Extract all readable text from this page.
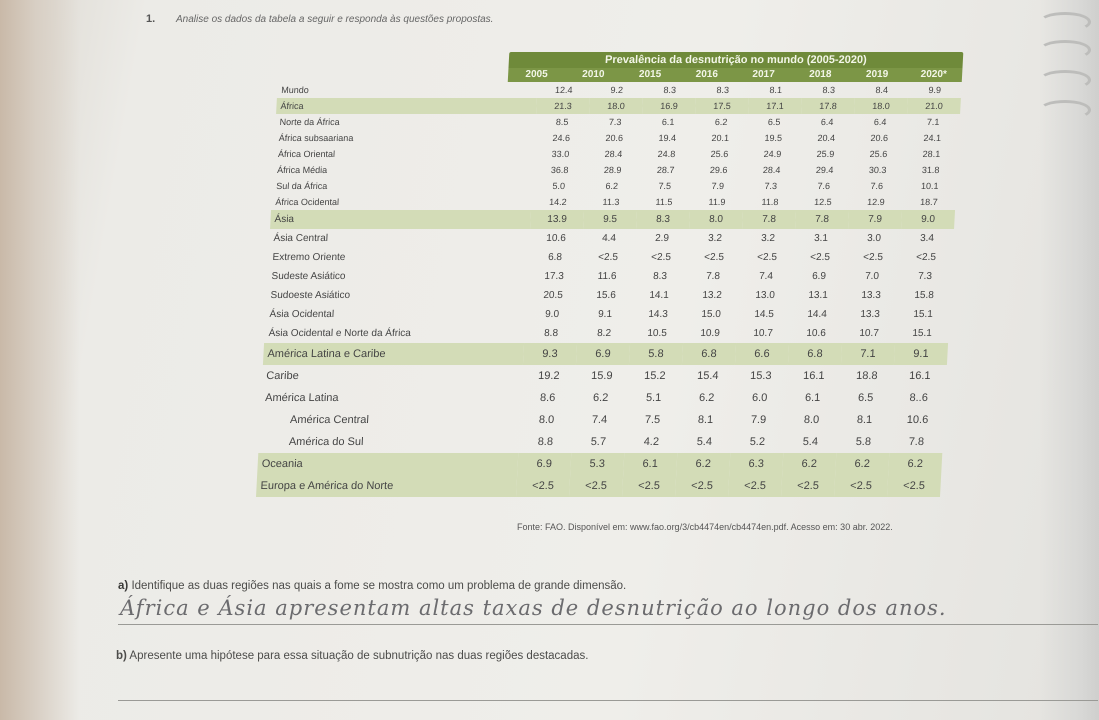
1. Analise os dados da tabela a seguir e responda às questões propostas.
Prevalência da desnutrição no mundo (2005-2020)
2005	2010	2015	2016	2017	2018	2019	2020*
Mundo	12.4	9.2	8.3	8.3	8.1	8.3	8.4	9.9
África	21.3	18.0	16.9	17.5	17.1	17.8	18.0	21.0
Norte da África	8.5	7.3	6.1	6.2	6.5	6.4	6.4	7.1
África subsaariana	24.6	20.6	19.4	20.1	19.5	20.4	20.6	24.1
África Oriental	33.0	28.4	24.8	25.6	24.9	25.9	25.6	28.1
África Média	36.8	28.9	28.7	29.6	28.4	29.4	30.3	31.8
Sul da África	5.0	6.2	7.5	7.9	7.3	7.6	7.6	10.1
África Ocidental	14.2	11.3	11.5	11.9	11.8	12.5	12.9	18.7
Ásia	13.9	9.5	8.3	8.0	7.8	7.8	7.9	9.0
Ásia Central	10.6	4.4	2.9	3.2	3.2	3.1	3.0	3.4
Extremo Oriente	6.8	<2.5	<2.5	<2.5	<2.5	<2.5	<2.5	<2.5
Sudeste Asiático	17.3	11.6	8.3	7.8	7.4	6.9	7.0	7.3
Sudoeste Asiático	20.5	15.6	14.1	13.2	13.0	13.1	13.3	15.8
Ásia Ocidental	9.0	9.1	14.3	15.0	14.5	14.4	13.3	15.1
Ásia Ocidental e Norte da África	8.8	8.2	10.5	10.9	10.7	10.6	10.7	15.1
América Latina e Caribe	9.3	6.9	5.8	6.8	6.6	6.8	7.1	9.1
Caribe	19.2	15.9	15.2	15.4	15.3	16.1	18.8	16.1
América Latina	8.6	6.2	5.1	6.2	6.0	6.1	6.5	8..6
América Central	8.0	7.4	7.5	8.1	7.9	8.0	8.1	10.6
América do Sul	8.8	5.7	4.2	5.4	5.2	5.4	5.8	7.8
Oceania	6.9	5.3	6.1	6.2	6.3	6.2	6.2	6.2
Europa e América do Norte	<2.5	<2.5	<2.5	<2.5	<2.5	<2.5	<2.5	<2.5
Fonte: FAO. Disponível em: www.fao.org/3/cb4474en/cb4474en.pdf. Acesso em: 30 abr. 2022.
a) Identifique as duas regiões nas quais a fome se mostra como um problema de grande dimensão.
África e Ásia apresentam altas taxas de desnutrição ao longo dos anos.
b) Apresente uma hipótese para essa situação de subnutrição nas duas regiões destacadas.
